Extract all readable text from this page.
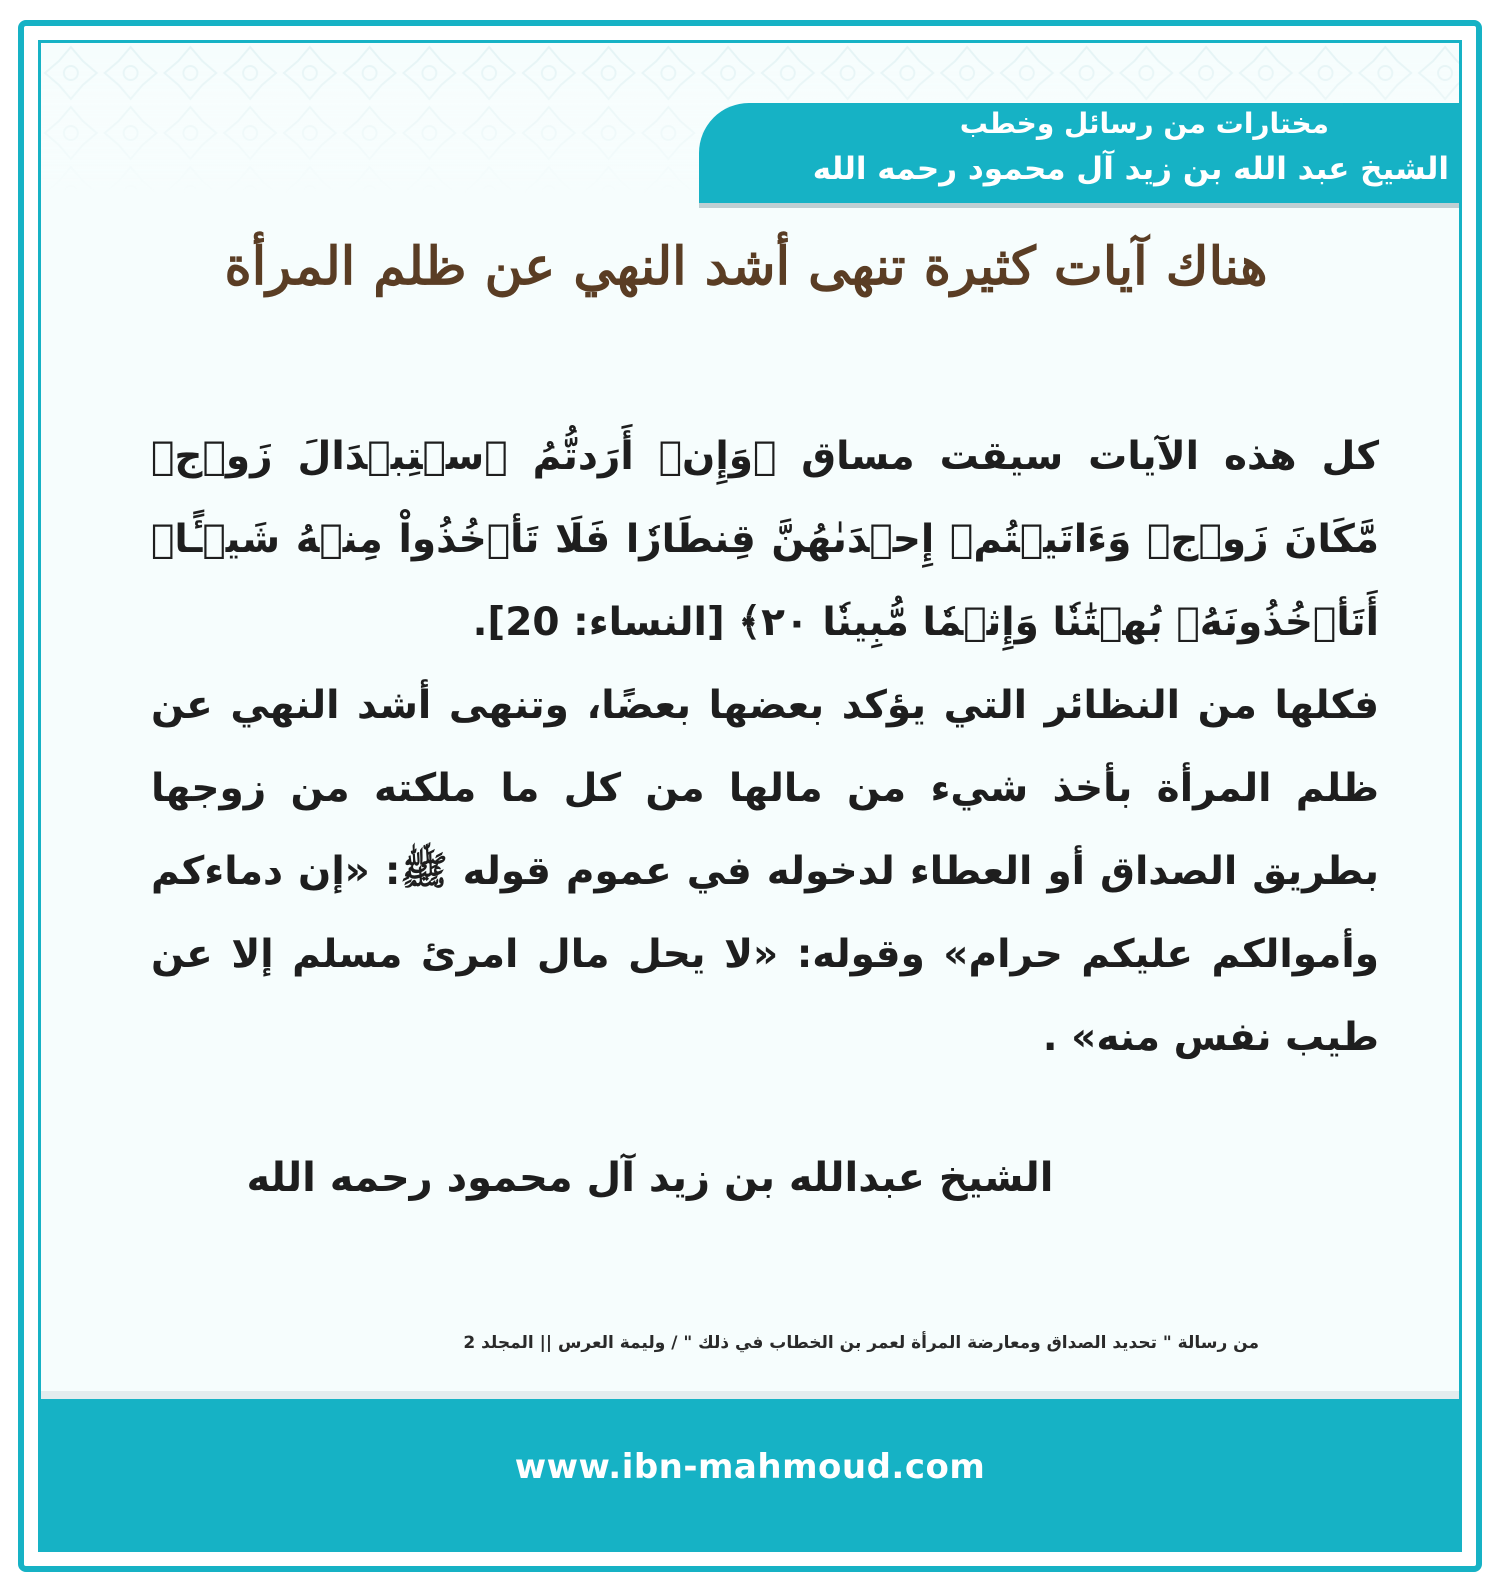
مختارات من رسائل وخطب
الشيخ عبد الله بن زيد آل محمود رحمه الله
هناك آيات كثيرة تنهى أشد النهي عن ظلم المرأة

كل هذه الآيات سيقت مساق ﴿وَإِنۡ أَرَدتُّمُ ٱسۡتِبۡدَالَ زَوۡجٖ مَّكَانَ زَوۡجٖ وَءَاتَيۡتُمۡ إِحۡدَىٰهُنَّ قِنطَارٗا فَلَا تَأۡخُذُواْ مِنۡهُ شَيۡـًٔاۚ أَتَأۡخُذُونَهُۥ بُهۡتَٰنٗا وَإِثۡمٗا مُّبِينٗا ٢٠﴾ [النساء: 20].

فكلها من النظائر التي يؤكد بعضها بعضًا، وتنهى أشد النهي عن ظلم المرأة بأخذ شيء من مالها من كل ما ملكته من زوجها بطريق الصداق أو العطاء لدخوله في عموم قوله ﷺ: «إن دماءكم وأموالكم عليكم حرام» وقوله: «لا يحل مال امرئ مسلم إلا عن طيب نفس منه» .

الشيخ عبدالله بن زيد آل محمود رحمه الله
من رسالة " تحديد الصداق ومعارضة المرأة لعمر بن الخطاب في ذلك " / وليمة العرس || المجلد 2
www.ibn-mahmoud.com
